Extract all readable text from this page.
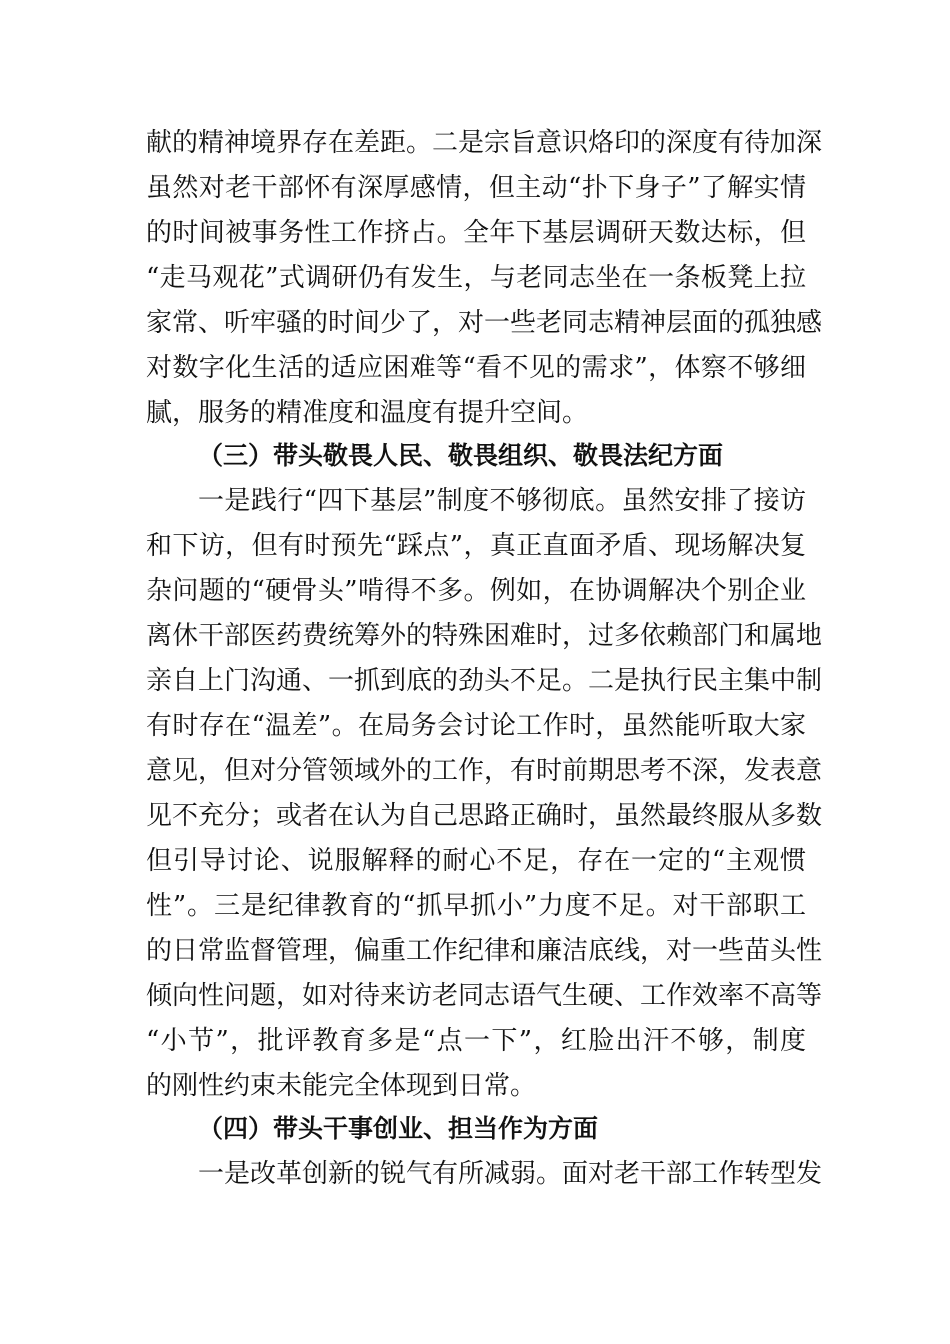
献的精神境界存在差距。二是宗旨意识烙印的深度有待加深
虽然对老干部怀有深厚感情，但主动“扑下身子”了解实情
的时间被事务性工作挤占。全年下基层调研天数达标，但
“走马观花”式调研仍有发生，与老同志坐在一条板凳上拉
家常、听牢骚的时间少了，对一些老同志精神层面的孤独感
对数字化生活的适应困难等“看不见的需求”，体察不够细
腻，服务的精准度和温度有提升空间。
（三）带头敬畏人民、敬畏组织、敬畏法纪方面
一是践行“四下基层”制度不够彻底。虽然安排了接访
和下访，但有时预先“踩点”，真正直面矛盾、现场解决复
杂问题的“硬骨头”啃得不多。例如，在协调解决个别企业
离休干部医药费统筹外的特殊困难时，过多依赖部门和属地
亲自上门沟通、一抓到底的劲头不足。二是执行民主集中制
有时存在“温差”。在局务会讨论工作时，虽然能听取大家
意见，但对分管领域外的工作，有时前期思考不深，发表意
见不充分；或者在认为自己思路正确时，虽然最终服从多数
但引导讨论、说服解释的耐心不足，存在一定的“主观惯
性”。三是纪律教育的“抓早抓小”力度不足。对干部职工
的日常监督管理，偏重工作纪律和廉洁底线，对一些苗头性
倾向性问题，如对待来访老同志语气生硬、工作效率不高等
“小节”，批评教育多是“点一下”，红脸出汗不够，制度
的刚性约束未能完全体现到日常。
（四）带头干事创业、担当作为方面
一是改革创新的锐气有所减弱。面对老干部工作转型发
